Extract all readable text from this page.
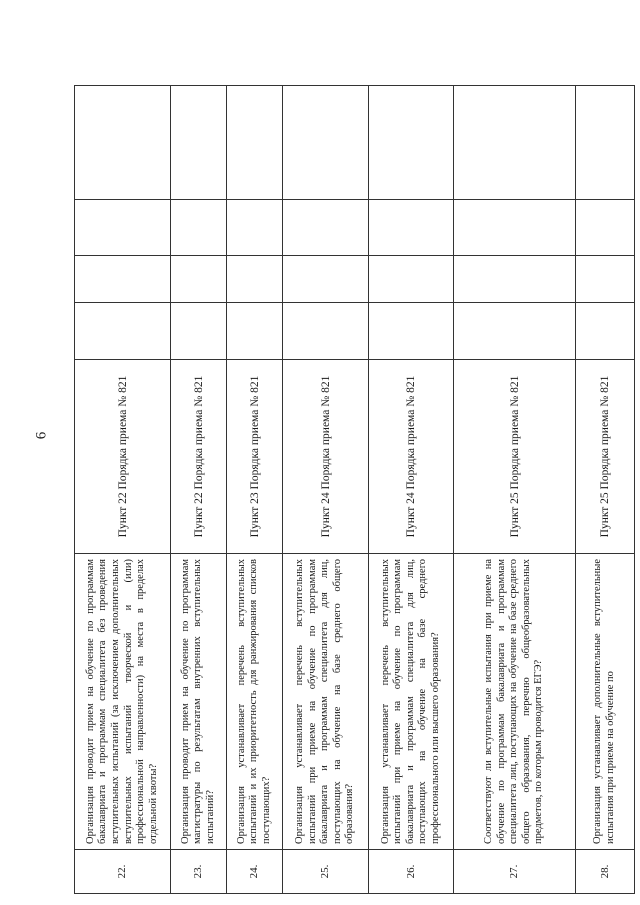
6
22.	Организация проводит прием на обучение по программам бакалавриата и программам специалитета без проведения вступительных испытаний (за исключением дополнительных вступительных испытаний творческой и (или) профессиональной направленности) на места в пределах отдельной квоты?	Пункт 22 Порядка приема № 821				
23.	Организация проводит прием на обучение по программам магистратуры по результатам внутренних вступительных испытаний?	Пункт 22 Порядка приема № 821				
24.	Организация устанавливает перечень вступительных испытаний и их приоритетность для ранжирования списков поступающих?	Пункт 23 Порядка приема № 821				
25.	Организация устанавливает перечень вступительных испытаний при приеме на обучение по программам бакалавриата и программам специалитета для лиц, поступающих на обучение на базе среднего общего образования?	Пункт 24 Порядка приема № 821				
26.	Организация устанавливает перечень вступительных испытаний при приеме на обучение по программам бакалавриата и программам специалитета для лиц, поступающих на обучение на базе среднего профессионального или высшего образования?	Пункт 24 Порядка приема № 821				
27.	Соответствуют ли вступительные испытания при приеме на обучение по программам бакалавриата и программам специалитета лиц, поступающих на обучение на базе среднего общего образования, перечню общеобразовательных предметов, по которым проводится ЕГЭ?	Пункт 25 Порядка приема № 821				
28.	Организация устанавливает дополнительные вступительные испытания при приеме на обучение по	Пункт 25 Порядка приема № 821				
